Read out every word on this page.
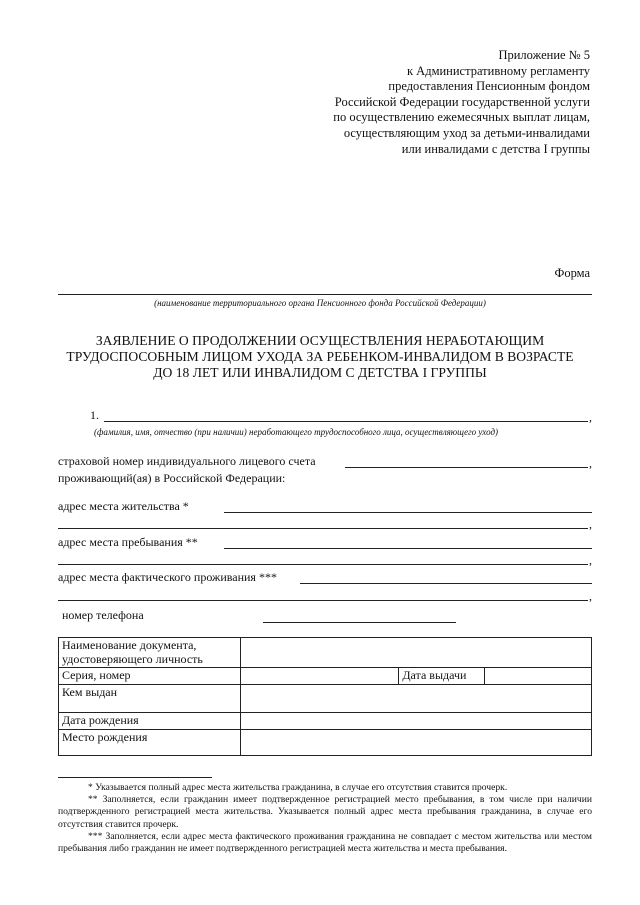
Приложение № 5
к Административному регламенту
предоставления Пенсионным фондом
Российской Федерации государственной услуги
по осуществлению ежемесячных выплат лицам,
осуществляющим уход за детьми-инвалидами
или инвалидами с детства I группы
Форма
(наименование территориального органа Пенсионного фонда Российской Федерации)
ЗАЯВЛЕНИЕ О ПРОДОЛЖЕНИИ ОСУЩЕСТВЛЕНИЯ НЕРАБОТАЮЩИМ
ТРУДОСПОСОБНЫМ ЛИЦОМ УХОДА ЗА РЕБЕНКОМ-ИНВАЛИДОМ В ВОЗРАСТЕ
ДО 18 ЛЕТ ИЛИ ИНВАЛИДОМ С ДЕТСТВА I ГРУППЫ
1.	,
(фамилия, имя, отчество (при наличии) неработающего трудоспособного лица, осуществляющего уход)
страховой номер индивидуального лицевого счета	,
проживающий(ая) в Российской Федерации:
адрес места жительства *
,
адрес места пребывания **
,
адрес места фактического проживания ***
,
номер телефона
Наименование документа, удостоверяющего личность			
Серия, номер		Дата выдачи	
Кем выдан			
Дата рождения			
Место рождения			
* Указывается полный адрес места жительства гражданина, в случае его отсутствия ставится прочерк.
** Заполняется, если гражданин имеет подтвержденное регистрацией место пребывания, в том числе при наличии подтвержденного регистрацией места жительства. Указывается полный адрес места пребывания гражданина, в случае его отсутствия ставится прочерк.
*** Заполняется, если адрес места фактического проживания гражданина не совпадает с местом жительства или местом пребывания либо гражданин не имеет подтвержденного регистрацией места жительства и места пребывания.
